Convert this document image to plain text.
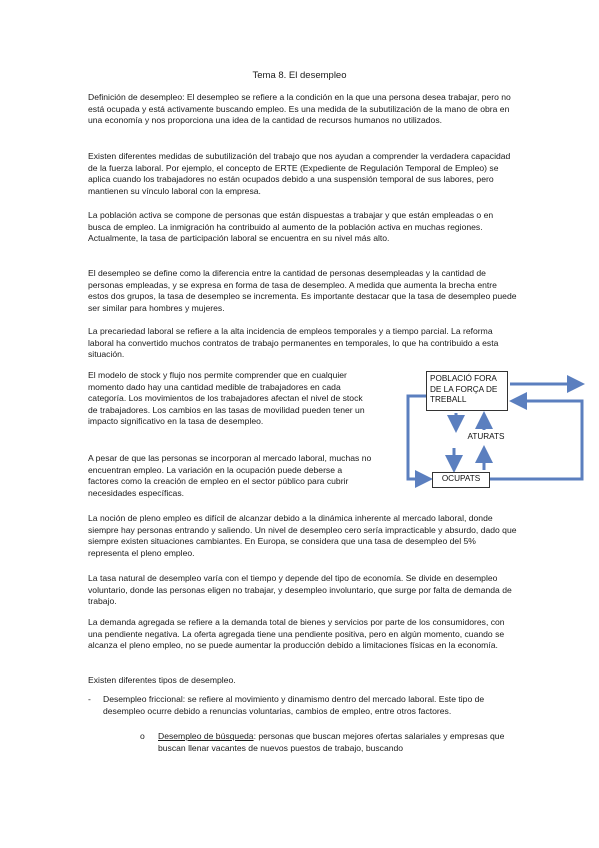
Tema 8. El desempleo

Definición de desempleo: El desempleo se refiere a la condición en la que una persona desea trabajar, pero no está ocupada y está activamente buscando empleo. Es una medida de la subutilización de la mano de obra en una economía y nos proporciona una idea de la cantidad de recursos humanos no utilizados.

Existen diferentes medidas de subutilización del trabajo que nos ayudan a comprender la verdadera capacidad de la fuerza laboral. Por ejemplo, el concepto de ERTE (Expediente de Regulación Temporal de Empleo) se aplica cuando los trabajadores no están ocupados debido a una suspensión temporal de sus labores, pero mantienen su vínculo laboral con la empresa.

La población activa se compone de personas que están dispuestas a trabajar y que están empleadas o en busca de empleo. La inmigración ha contribuido al aumento de la población activa en muchas regiones. Actualmente, la tasa de participación laboral se encuentra en su nivel más alto.

El desempleo se define como la diferencia entre la cantidad de personas desempleadas y la cantidad de personas empleadas, y se expresa en forma de tasa de desempleo. A medida que aumenta la brecha entre estos dos grupos, la tasa de desempleo se incrementa. Es importante destacar que la tasa de desempleo puede ser similar para hombres y mujeres.

La precariedad laboral se refiere a la alta incidencia de empleos temporales y a tiempo parcial. La reforma laboral ha convertido muchos contratos de trabajo permanentes en temporales, lo que ha contribuido a esta situación.

El modelo de stock y flujo nos permite comprender que en cualquier momento dado hay una cantidad medible de trabajadores en cada categoría. Los movimientos de los trabajadores afectan el nivel de stock de trabajadores. Los cambios en las tasas de movilidad pueden tener un impacto significativo en la tasa de desempleo.

A pesar de que las personas se incorporan al mercado laboral, muchas no encuentran empleo. La variación en la ocupación puede deberse a factores como la creación de empleo en el sector público para cubrir necesidades específicas.

La noción de pleno empleo es difícil de alcanzar debido a la dinámica inherente al mercado laboral, donde siempre hay personas entrando y saliendo. Un nivel de desempleo cero sería impracticable y absurdo, dado que siempre existen situaciones cambiantes. En Europa, se considera que una tasa de desempleo del 5% representa el pleno empleo.

La tasa natural de desempleo varía con el tiempo y depende del tipo de economía. Se divide en desempleo voluntario, donde las personas eligen no trabajar, y desempleo involuntario, que surge por falta de demanda de trabajo.

La demanda agregada se refiere a la demanda total de bienes y servicios por parte de los consumidores, con una pendiente negativa. La oferta agregada tiene una pendiente positiva, pero en algún momento, cuando se alcanza el pleno empleo, no se puede aumentar la producción debido a limitaciones físicas en la economía.

Existen diferentes tipos de desempleo.

- Desempleo friccional: se refiere al movimiento y dinamismo dentro del mercado laboral. Este tipo de desempleo ocurre debido a renuncias voluntarias, cambios de empleo, entre otros factores.
o Desempleo de búsqueda: personas que buscan mejores ofertas salariales y empresas que buscan llenar vacantes de nuevos puestos de trabajo, buscando
POBLACIÓ FORA DE LA FORÇA DE TREBALL
ATURATS
OCUPATS
